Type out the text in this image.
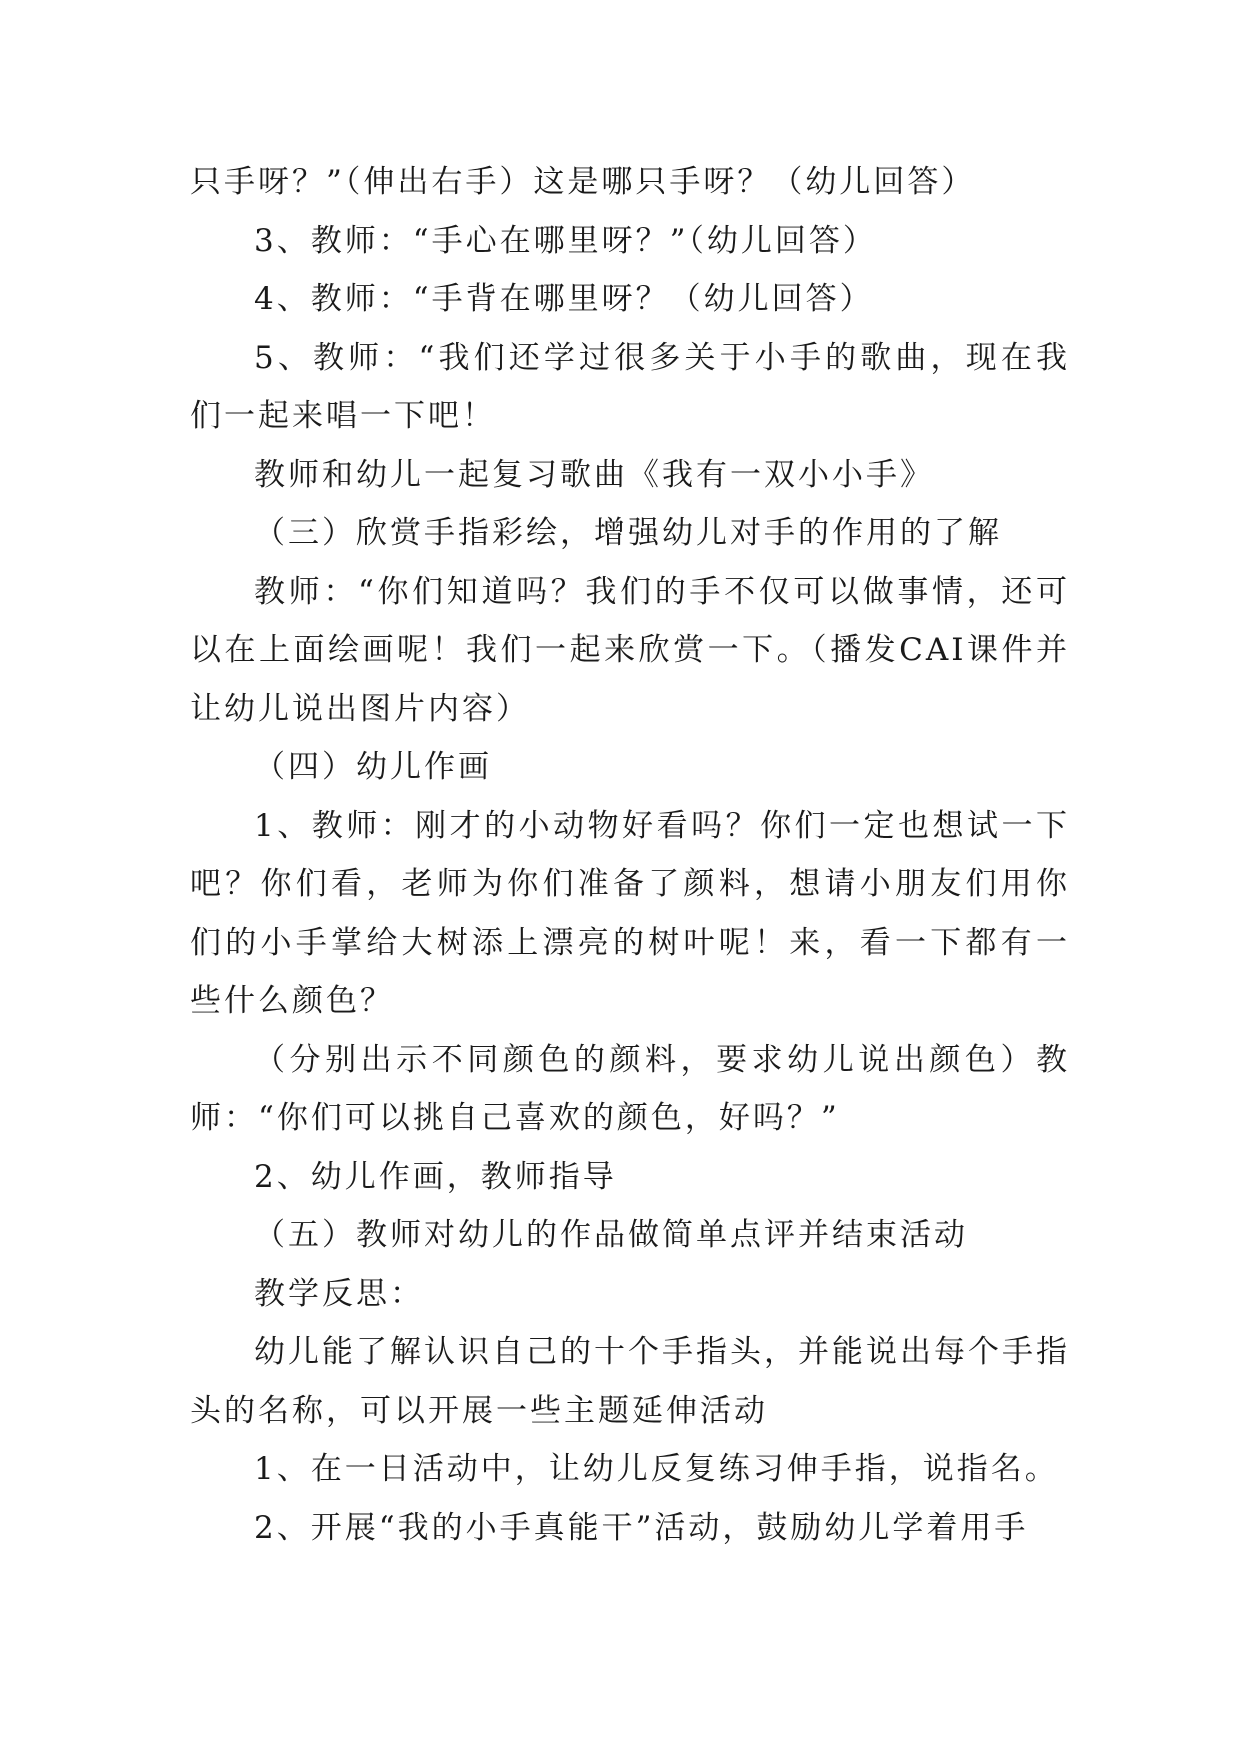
只手呀？”（伸出右手）这是哪只手呀？（幼儿回答）

3、教师：“手心在哪里呀？”（幼儿回答）

4、教师：“手背在哪里呀？（幼儿回答）

5、教师：“我们还学过很多关于小手的歌曲，现在我们一起来唱一下吧！

教师和幼儿一起复习歌曲《我有一双小小手》

（三）欣赏手指彩绘，增强幼儿对手的作用的了解

教师：“你们知道吗？我们的手不仅可以做事情，还可以在上面绘画呢！我们一起来欣赏一下。（播发CAI课件并让幼儿说出图片内容）

（四）幼儿作画

1、教师：刚才的小动物好看吗？你们一定也想试一下吧？你们看，老师为你们准备了颜料，想请小朋友们用你们的小手掌给大树添上漂亮的树叶呢！来，看一下都有一些什么颜色？

（分别出示不同颜色的颜料，要求幼儿说出颜色）教师：“你们可以挑自己喜欢的颜色，好吗？”

2、幼儿作画，教师指导

（五）教师对幼儿的作品做简单点评并结束活动

教学反思：

幼儿能了解认识自己的十个手指头，并能说出每个手指头的名称，可以开展一些主题延伸活动

1、在一日活动中，让幼儿反复练习伸手指，说指名。

2、开展“我的小手真能干”活动，鼓励幼儿学着用手
